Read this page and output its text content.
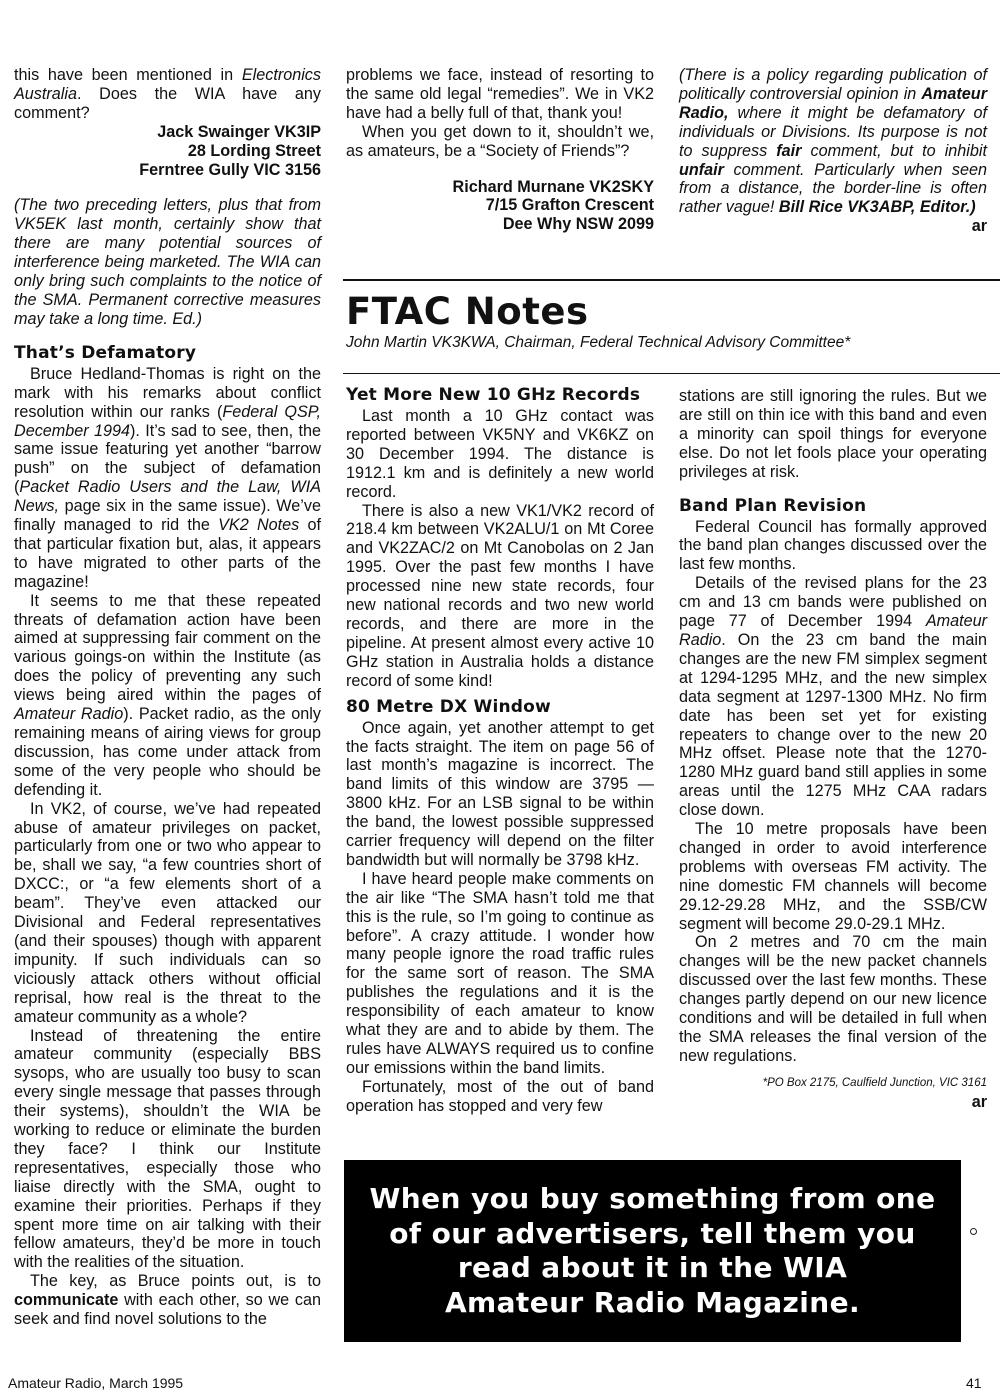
this have been mentioned in Electronics Australia. Does the WIA have any comment?

Jack Swainger VK3IP
28 Lording Street
Ferntree Gully VIC 3156

(The two preceding letters, plus that from VK5EK last month, certainly show that there are many potential sources of interference being marketed. The WIA can only bring such complaints to the notice of the SMA. Permanent corrective measures may take a long time. Ed.)

That’s Defamatory

Bruce Hedland-Thomas is right on the mark with his remarks about conflict resolution within our ranks (Federal QSP, December 1994). It’s sad to see, then, the same issue featuring yet another “barrow push” on the subject of defamation (Packet Radio Users and the Law, WIA News, page six in the same issue). We’ve finally managed to rid the VK2 Notes of that particular fixation but, alas, it appears to have migrated to other parts of the magazine!

It seems to me that these repeated threats of defamation action have been aimed at suppressing fair comment on the various goings-on within the Institute (as does the policy of preventing any such views being aired within the pages of Amateur Radio). Packet radio, as the only remaining means of airing views for group discussion, has come under attack from some of the very people who should be defending it.

In VK2, of course, we’ve had repeated abuse of amateur privileges on packet, particularly from one or two who appear to be, shall we say, “a few countries short of DXCC:, or “a few elements short of a beam”. They’ve even attacked our Divisional and Federal representatives (and their spouses) though with apparent impunity. If such individuals can so viciously attack others without official reprisal, how real is the threat to the amateur community as a whole?

Instead of threatening the entire amateur community (especially BBS sysops, who are usually too busy to scan every single message that passes through their systems), shouldn’t the WIA be working to reduce or eliminate the burden they face? I think our Institute representatives, especially those who liaise directly with the SMA, ought to examine their priorities. Perhaps if they spent more time on air talking with their fellow amateurs, they’d be more in touch with the realities of the situation.

The key, as Bruce points out, is to communicate with each other, so we can seek and find novel solutions to the

problems we face, instead of resorting to the same old legal “remedies”. We in VK2 have had a belly full of that, thank you!

When you get down to it, shouldn’t we, as amateurs, be a “Society of Friends”?

Richard Murnane VK2SKY
7/15 Grafton Crescent
Dee Why NSW 2099

(There is a policy regarding publication of politically controversial opinion in Amateur Radio, where it might be defamatory of individuals or Divisions. Its purpose is not to suppress fair comment, but to inhibit unfair comment. Particularly when seen from a distance, the border-line is often rather vague! Bill Rice VK3ABP, Editor.)

ar
FTAC Notes
John Martin VK3KWA, Chairman, Federal Technical Advisory Committee*
Yet More New 10 GHz Records

Last month a 10 GHz contact was reported between VK5NY and VK6KZ on 30 December 1994. The distance is 1912.1 km and is definitely a new world record.

There is also a new VK1/VK2 record of 218.4 km between VK2ALU/1 on Mt Coree and VK2ZAC/2 on Mt Canobolas on 2 Jan 1995. Over the past few months I have processed nine new state records, four new national records and two new world records, and there are more in the pipeline. At present almost every active 10 GHz station in Australia holds a distance record of some kind!

80 Metre DX Window

Once again, yet another attempt to get the facts straight. The item on page 56 of last month’s magazine is incorrect. The band limits of this window are 3795 — 3800 kHz. For an LSB signal to be within the band, the lowest possible suppressed carrier frequency will depend on the filter bandwidth but will normally be 3798 kHz.

I have heard people make comments on the air like “The SMA hasn’t told me that this is the rule, so I’m going to continue as before”. A crazy attitude. I wonder how many people ignore the road traffic rules for the same sort of reason. The SMA publishes the regulations and it is the responsibility of each amateur to know what they are and to abide by them. The rules have ALWAYS required us to confine our emissions within the band limits.

Fortunately, most of the out of band operation has stopped and very few

stations are still ignoring the rules. But we are still on thin ice with this band and even a minority can spoil things for everyone else. Do not let fools place your operating privileges at risk.

Band Plan Revision

Federal Council has formally approved the band plan changes discussed over the last few months.

Details of the revised plans for the 23 cm and 13 cm bands were published on page 77 of December 1994 Amateur Radio. On the 23 cm band the main changes are the new FM simplex segment at 1294-1295 MHz, and the new simplex data segment at 1297-1300 MHz. No firm date has been set yet for existing repeaters to change over to the new 20 MHz offset. Please note that the 1270-1280 MHz guard band still applies in some areas until the 1275 MHz CAA radars close down.

The 10 metre proposals have been changed in order to avoid interference problems with overseas FM activity. The nine domestic FM channels will become 29.12-29.28 MHz, and the SSB/CW segment will become 29.0-29.1 MHz.

On 2 metres and 70 cm the main changes will be the new packet channels discussed over the last few months. These changes partly depend on our new licence conditions and will be detailed in full when the SMA releases the final version of the new regulations.

*PO Box 2175, Caulfield Junction, VIC 3161
ar
When you buy something from one
of our advertisers, tell them you
read about it in the WIA
Amateur Radio Magazine.
Amateur Radio, March 1995	41
